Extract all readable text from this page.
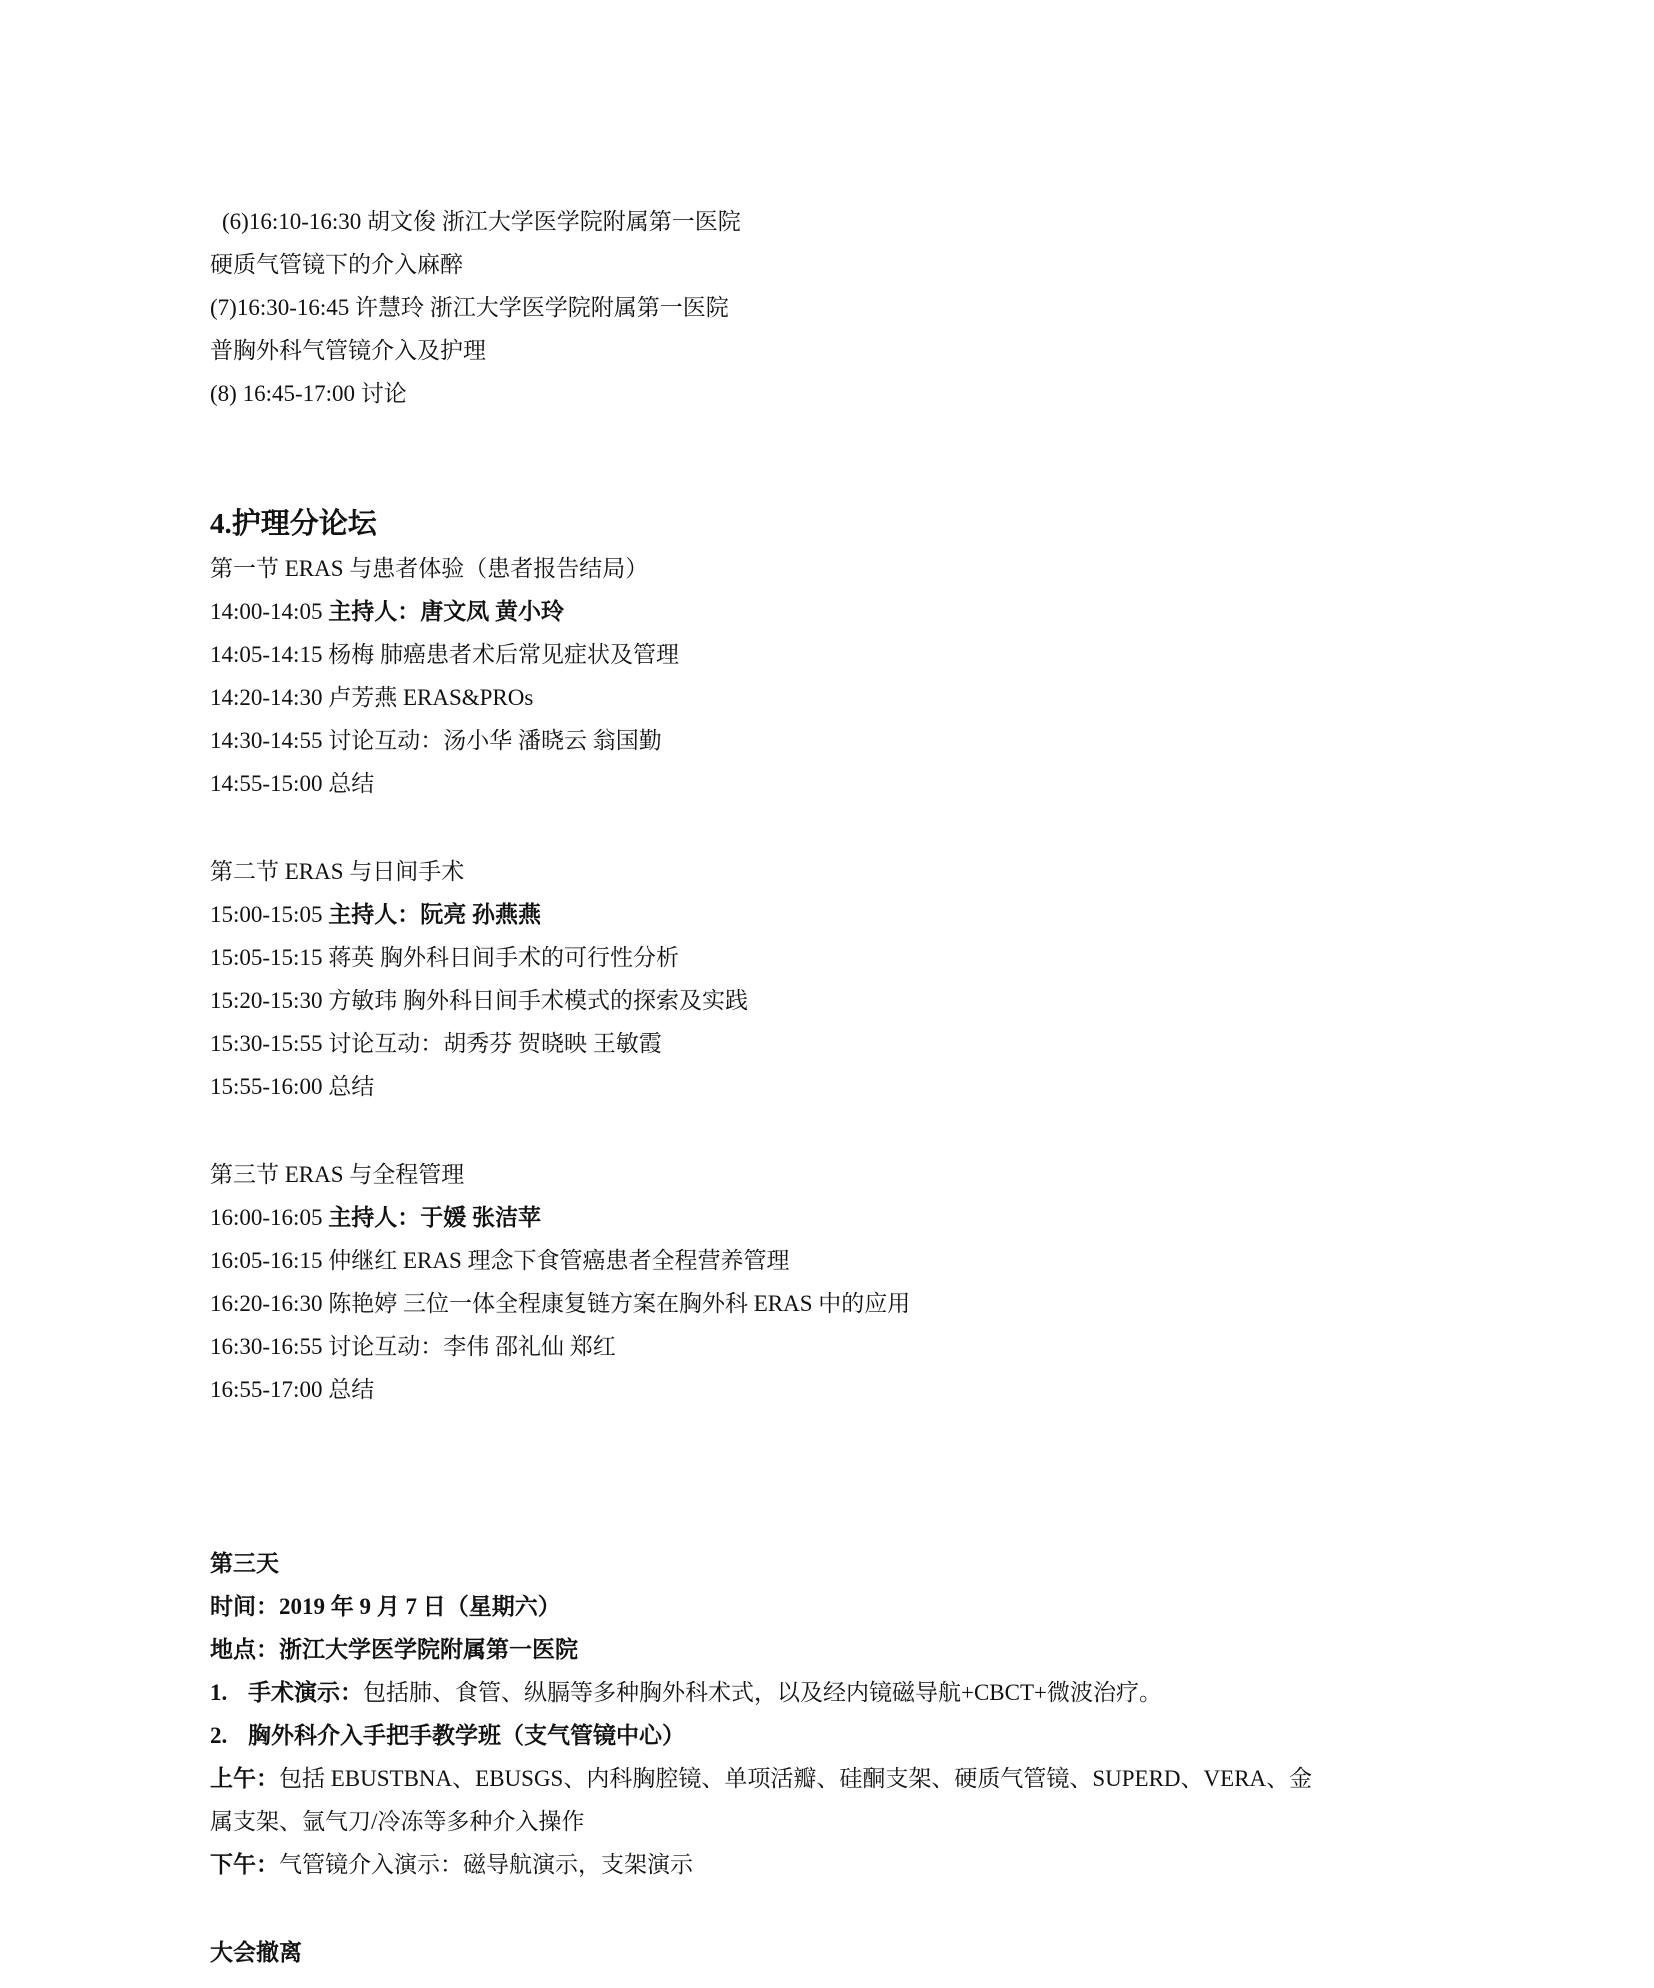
(6)16:10-16:30 胡文俊 浙江大学医学院附属第一医院
硬质气管镜下的介入麻醉
(7)16:30-16:45 许慧玲 浙江大学医学院附属第一医院
普胸外科气管镜介入及护理
(8) 16:45-17:00 讨论
4.护理分论坛
第一节 ERAS 与患者体验（患者报告结局）
14:00-14:05 主持人：唐文凤 黄小玲
14:05-14:15 杨梅 肺癌患者术后常见症状及管理
14:20-14:30 卢芳燕 ERAS&PROs
14:30-14:55 讨论互动：汤小华 潘晓云 翁国勤
14:55-15:00 总结
第二节 ERAS 与日间手术
15:00-15:05 主持人：阮亮 孙燕燕
15:05-15:15 蒋英 胸外科日间手术的可行性分析
15:20-15:30 方敏玮 胸外科日间手术模式的探索及实践
15:30-15:55 讨论互动：胡秀芬 贺晓映 王敏霞
15:55-16:00 总结
第三节 ERAS 与全程管理
16:00-16:05 主持人：于媛 张洁苹
16:05-16:15 仲继红 ERAS 理念下食管癌患者全程营养管理
16:20-16:30 陈艳婷 三位一体全程康复链方案在胸外科 ERAS 中的应用
16:30-16:55 讨论互动：李伟 邵礼仙 郑红
16:55-17:00 总结
第三天
时间：2019 年 9 月 7 日（星期六）
地点：浙江大学医学院附属第一医院
1. 手术演示：包括肺、食管、纵膈等多种胸外科术式，以及经内镜磁导航+CBCT+微波治疗。
2. 胸外科介入手把手教学班（支气管镜中心）
上午：包括 EBUSTBNA、EBUSGS、内科胸腔镜、单项活瓣、硅酮支架、硬质气管镜、SUPERD、VERA、金
属支架、氩气刀/冷冻等多种介入操作
下午：气管镜介入演示：磁导航演示，支架演示
大会撤离
